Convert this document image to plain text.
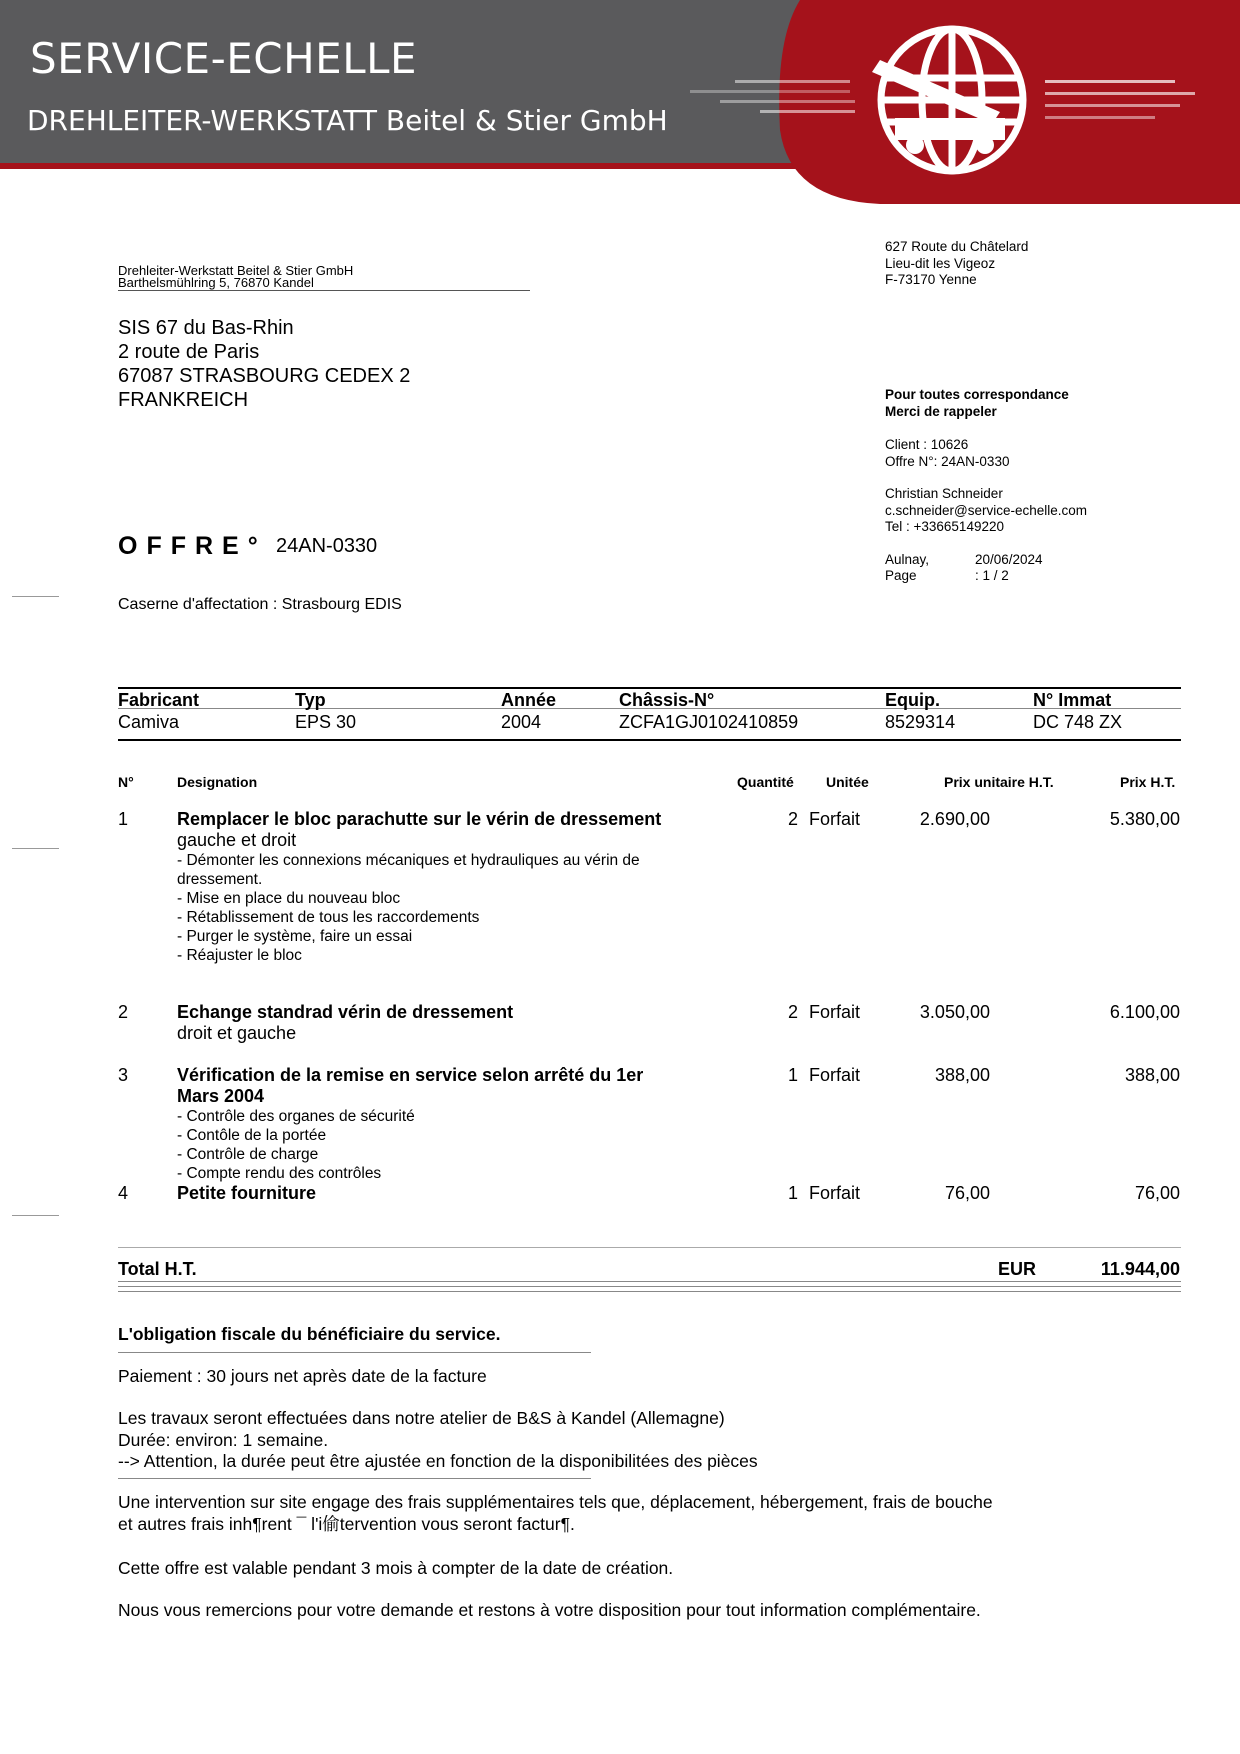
SERVICE-ECHELLE
DREHLEITER-WERKSTATT Beitel & Stier GmbH
Drehleiter-Werkstatt Beitel & Stier GmbH
Barthelsmühlring 5, 76870 Kandel
627 Route du Châtelard
Lieu-dit les Vigeoz
F-73170 Yenne
SIS 67 du Bas-Rhin
2 route de Paris
67087 STRASBOURG CEDEX 2
FRANKREICH	Pour toutes correspondance
Merci de rappeler
Client : 10626
Offre N°: 24AN-0330
Christian Schneider
c.schneider@service-echelle.com
Tel : +33665149220
Aulnay,	20/06/2024
Page	: 1 / 2
OFFRE° 24AN-0330
Caserne d'affectation : Strasbourg EDIS
Fabricant	Typ	Année	Châssis-N°	Equip.	N° Immat
Camiva	EPS 30	2004	ZCFA1GJ0102410859	8529314	DC 748 ZX
N°	Designation	Quantité Unitée	Prix unitaire H.T.	Prix H.T.
1	Remplacer le bloc parachutte sur le vérin de dressement
gauche et droit
- Démonter les connexions mécaniques et hydrauliques au vérin de
dressement.
- Mise en place du nouveau bloc
- Rétablissement de tous les raccordements
- Purger le système, faire un essai
- Réajuster le bloc
2 Forfait	2.690,00	5.380,00
2	Echange standrad vérin de dressement
droit et gauche
2 Forfait	3.050,00	6.100,00
3	Vérification de la remise en service selon arrêté du 1er
Mars 2004
- Contrôle des organes de sécurité
- Contôle de la portée
- Contrôle de charge
- Compte rendu des contrôles
1 Forfait	388,00	388,00
4	Petite fourniture	1 Forfait	76,00	76,00
Total H.T.	EUR	11.944,00
L'obligation fiscale du bénéficiaire du service.
Paiement : 30 jours net après date de la facture
Les travaux seront effectuées dans notre atelier de B&S à Kandel (Allemagne)
Durée: environ: 1 semaine.
--> Attention, la durée peut être ajustée en fonction de la disponibilitées des pièces
Une intervention sur site engage des frais supplémentaires tels que, déplacement, hébergement, frais de bouche
et autres frais inh¶rent ¯ l'i偷tervention vous seront factur¶.
Cette offre est valable pendant 3 mois à compter de la date de création.
Nous vous remercions pour votre demande et restons à votre disposition pour tout information complémentaire.
